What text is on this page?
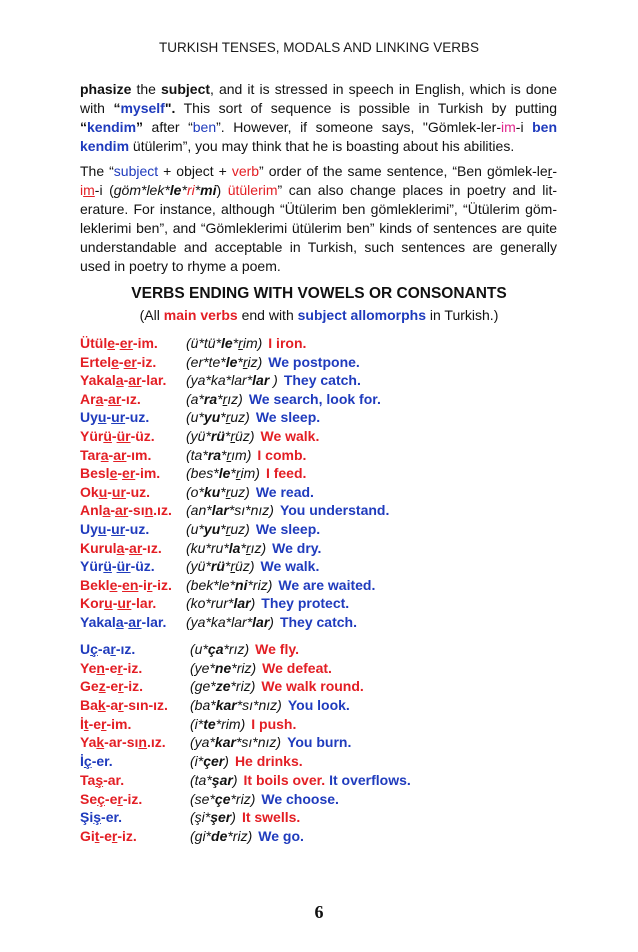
TURKISH TENSES, MODALS AND LINKING VERBS
phasize the subject, and it is stressed in speech in English, which is done
with “myself". This sort of sequence is possible in Turkish by putting
“kendim” after “ben”. However, if someone says, "Gömlek-ler-im-i ben
kendim ütülerim”, you may think that he is boasting about his abilities.
The “subject + object + verb” order of the same sentence, “Ben gömlek-ler-
im-i (göm*lek*le*ri*mi) ütülerim” can also change places in poetry and lit-
erature. For instance, although “Ütülerim ben gömleklerimi”, “Ütülerim göm-
leklerimi ben”, and “Gömleklerimi ütülerim ben” kinds of sentences are quite
understandable and acceptable in Turkish, such sentences are generally
used in poetry to rhyme a poem.
VERBS ENDING WITH VOWELS OR CONSONANTS
(All main verbs end with subject allomorphs in Turkish.)
Ütüle-er-im. (ü*tü*le*rim) I iron.
Ertele-er-iz. (er*te*le*riz) We postpone.
Yakala-ar-lar. (ya*ka*lar*lar ) They catch.
Ara-ar-ız.	(a*ra*rız) We search, look for.
Uyu-ur-uz.	(u*yu*ruz) We sleep.
Yürü-ür-üz. (yü*rü*rüz) We walk.
Tara-ar-ım. (ta*ra*rım) I comb.
Besle-er-im. (bes*le*rim) I feed.
Oku-ur-uz.	(o*ku*ruz) We read.
Anla-ar-sın.ız. (an*lar*sı*nız) You understand.
Uyu-ur-uz.	(u*yu*ruz) We sleep.
Kurula-ar-ız. (ku*ru*la*rız) We dry.
Yürü-ür-üz. (yü*rü*rüz) We walk.
Bekle-en-ir-iz. (bek*le*ni*riz) We are waited.
Koru-ur-lar. (ko*rur*lar) They protect.
Yakala-ar-lar. (ya*ka*lar*lar) They catch.
Uç-ar-ız.	(u*ça*rız) We fly.
Yen-er-iz.	(ye*ne*riz) We defeat.
Gez-er-iz.	(ge*ze*riz) We walk round.
Bak-ar-sın-ız. (ba*kar*sı*nız) You look.
İt-er-im.	(i*te*rim) I push.
Yak-ar-sın.ız. (ya*kar*sı*nız) You burn.
İç-er.	(i*çer) He drinks.
Taş-ar.	(ta*şar) It boils over. It overflows.
Seç-er-iz.	(se*çe*riz) We choose.
Şiş-er.	(şi*şer) It swells.
Git-er-iz.	(gi*de*riz) We go.
6
